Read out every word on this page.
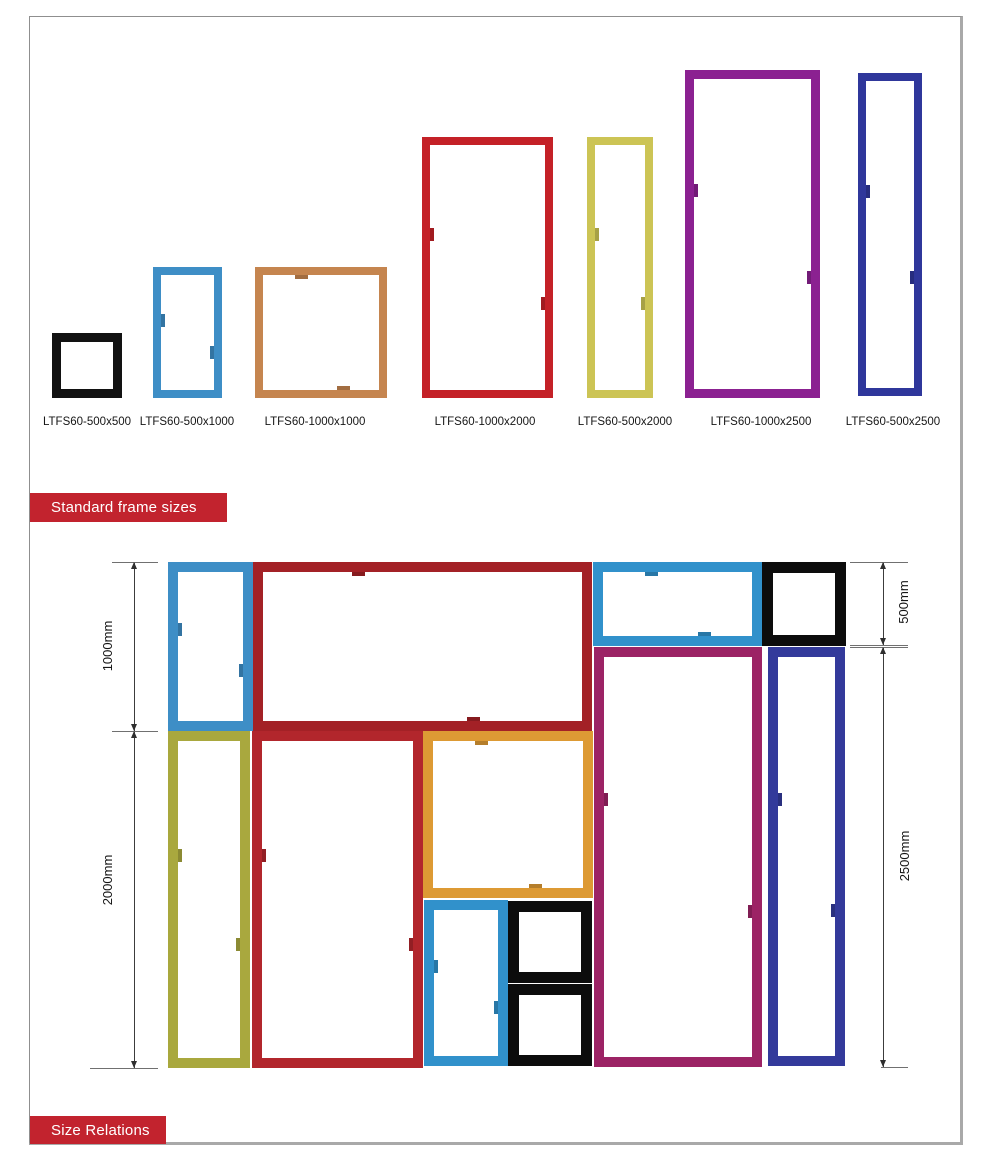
Standard frame sizes
Size Relations
LTFS60-500x500 LTFS60-500x1000	LTFS60-1000x1000	LTFS60-1000x2000	LTFS60-500x2000	LTFS60-1000x2500	LTFS60-500x2500
1000mm
2000mm
500mm
2500mm
